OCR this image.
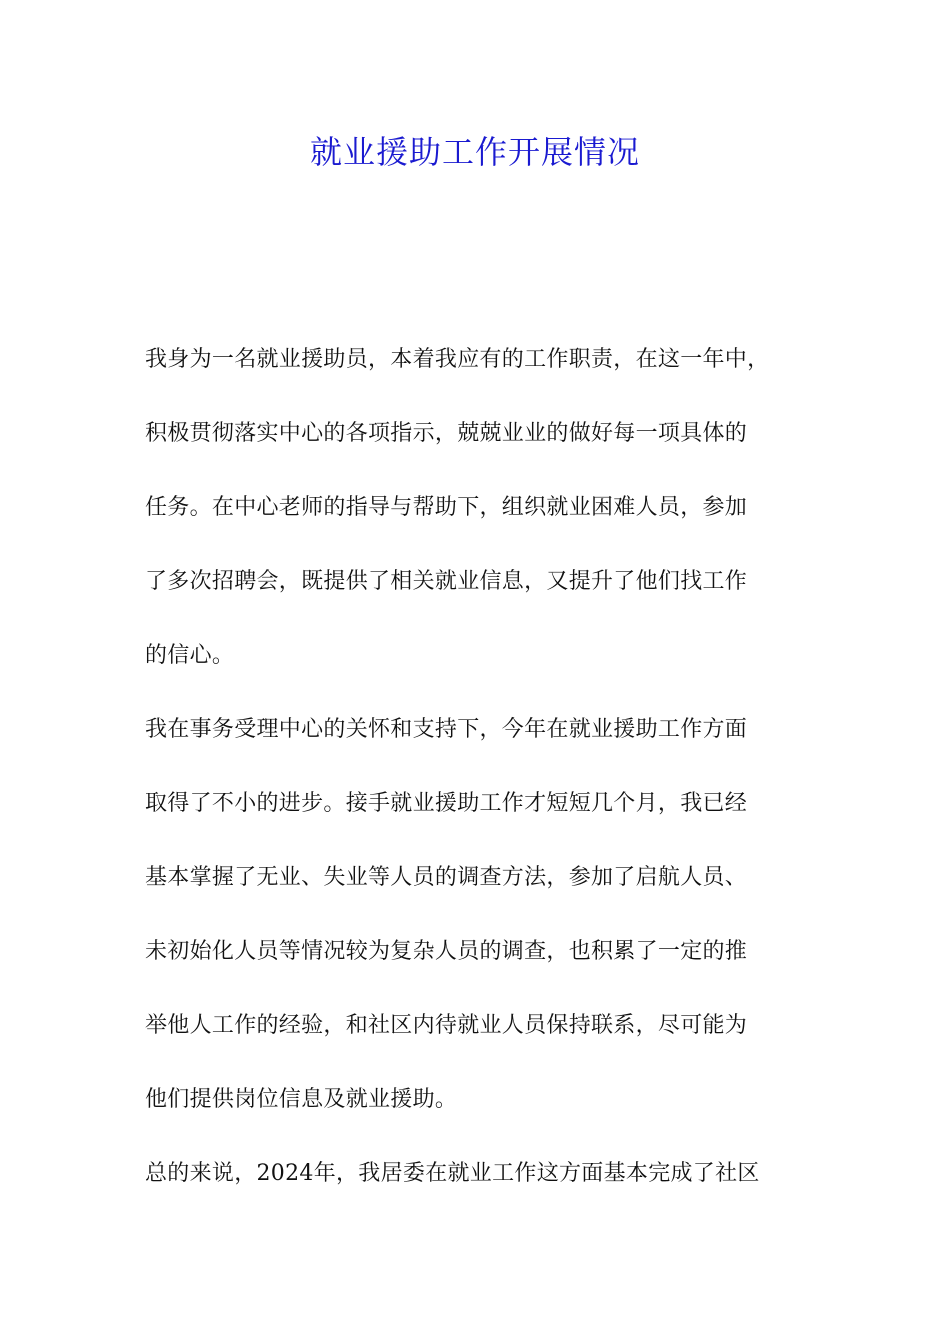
就业援助工作开展情况
我身为一名就业援助员，本着我应有的工作职责，在这一年中，
积极贯彻落实中心的各项指示，兢兢业业的做好每一项具体的
任务。在中心老师的指导与帮助下，组织就业困难人员，参加
了多次招聘会，既提供了相关就业信息，又提升了他们找工作
的信心。
我在事务受理中心的关怀和支持下，今年在就业援助工作方面
取得了不小的进步。接手就业援助工作才短短几个月，我已经
基本掌握了无业、失业等人员的调查方法，参加了启航人员、
未初始化人员等情况较为复杂人员的调查，也积累了一定的推
举他人工作的经验，和社区内待就业人员保持联系，尽可能为
他们提供岗位信息及就业援助。
总的来说，2024年，我居委在就业工作这方面基本完成了社区
